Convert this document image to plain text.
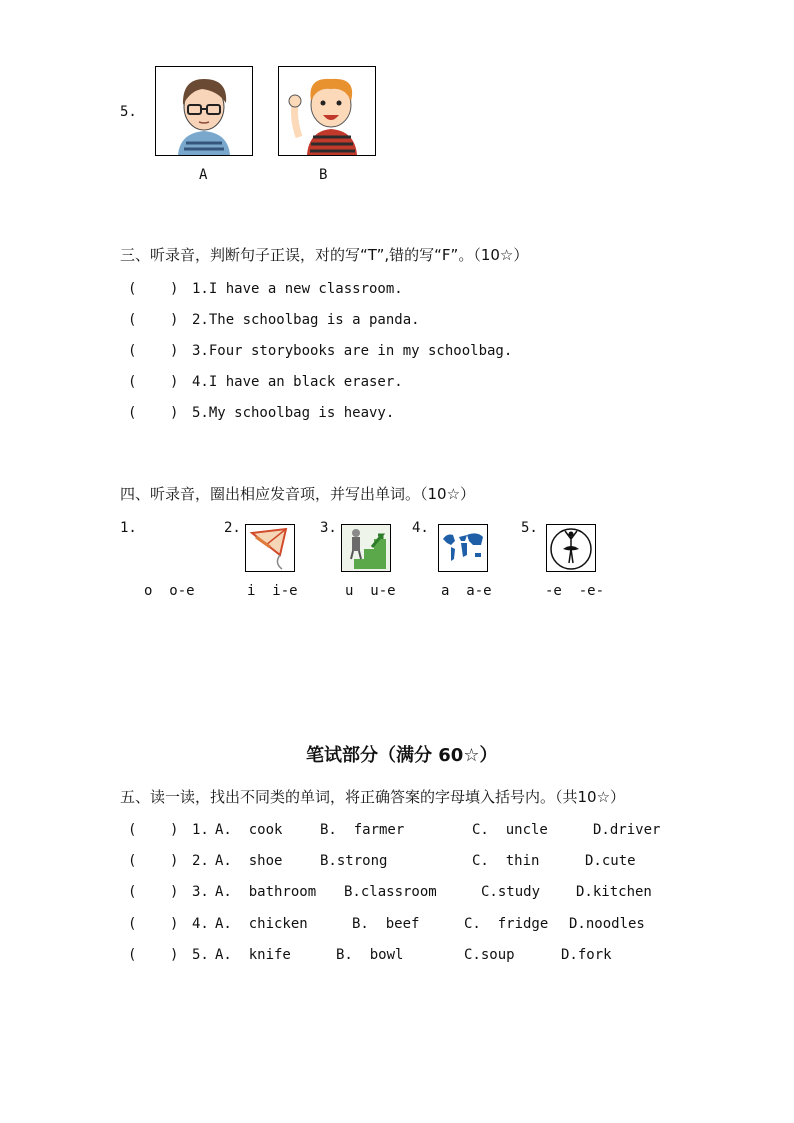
5.
A	B
三、听录音，判断句子正误，对的写“T”,错的写“F”。（10☆）
( ) 1.I have a new classroom.
( ) 2.The schoolbag is a panda.
( ) 3.Four storybooks are in my schoolbag.
( ) 4.I have an black eraser.
( ) 5.My schoolbag is heavy.
四、听录音，圈出相应发音项，并写出单词。（10☆）
1.	2.	3.	4.	5.
o  o-e	i  i-e	u  u-e	a  a-e	-e  -e-
笔试部分（满分 60☆）
五、读一读，找出不同类的单词，将正确答案的字母填入括号内。（共10☆）
( ) 1. A.  cook	B.  farmer	C.  uncle	D.driver
( ) 2. A.  shoe	B.strong	C.  thin	D.cute
( ) 3. A.  bathroom B.classroom	C.study	D.kitchen
( ) 4. A.  chicken	B.  beef	C.  fridge D.noodles
( ) 5. A.  knife	B.  bowl	C.soup	D.fork
